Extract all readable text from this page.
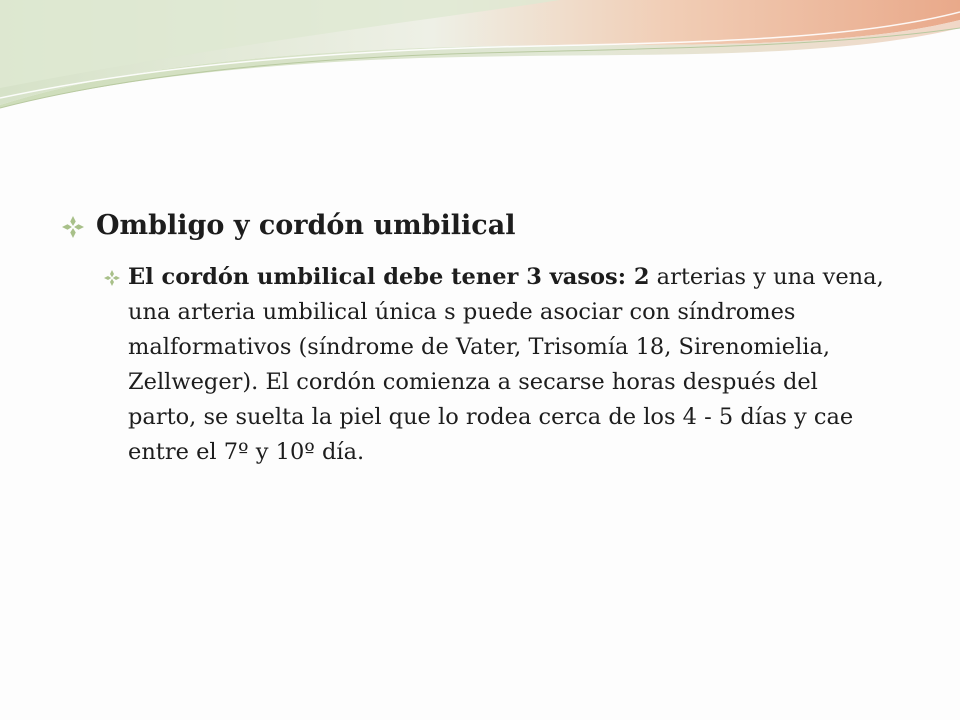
Ombligo y cordón umbilical
El cordón umbilical debe tener 3 vasos: 2 arterias y una vena, una arteria umbilical única s puede asociar con síndromes malformativos (síndrome de Vater, Trisomía 18, Sirenomielia, Zellweger). El cordón comienza a secarse horas después del parto, se suelta la piel que lo rodea cerca de los 4 - 5 días y cae entre el 7º y 10º día.
